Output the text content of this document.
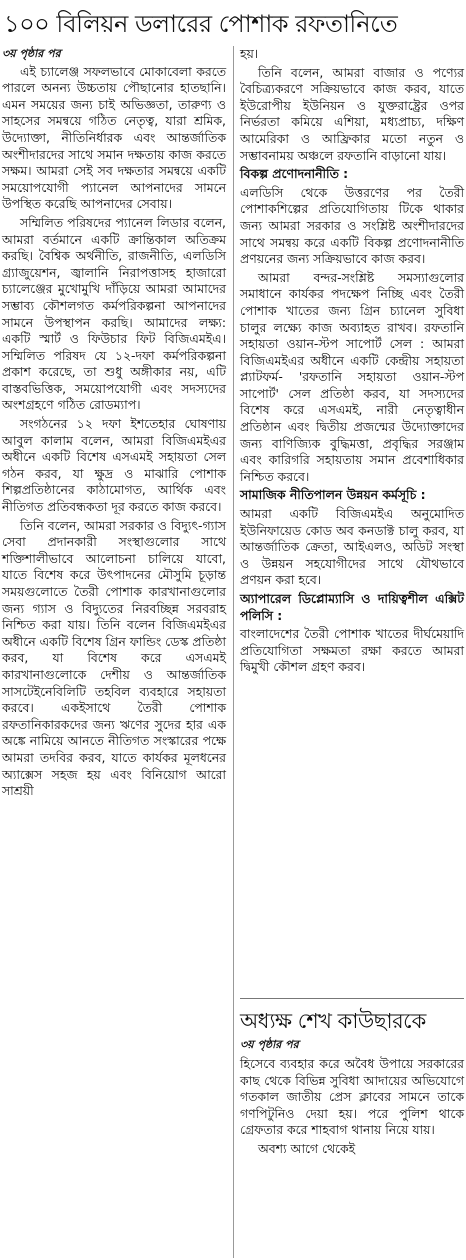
১০০ বিলিয়ন ডলারের পোশাক রফতানিতে
৩য় পৃষ্ঠার পর

এই চ্যালেঞ্জ সফলভাবে মোকাবেলা করতে পারলে অনন্য উচ্চতায় পৌছানোর হাতছানি। এমন সময়ের জন্য চাই অভিজ্ঞতা, তারুণ্য ও সাহসের সমন্বয়ে গঠিত নেতৃত্ব, যারা শ্রমিক, উদ্যোক্তা, নীতিনির্ধারক এবং আন্তর্জাতিক অংশীদারদের সাথে সমান দক্ষতায় কাজ করতে সক্ষম। আমরা সেই সব দক্ষতার সমন্বয়ে একটি সময়োপযোগী প্যানেল আপনাদের সামনে উপস্থিত করেছি আপনাদের সেবায়।

সম্মিলিত পরিষদের প্যানেল লিডার বলেন, আমরা বর্তমানে একটি ক্রান্তিকাল অতিক্রম করছি। বৈশ্বিক অর্থনীতি, রাজনীতি, এলডিসি গ্র্যাজুয়েশন, জ্বালানি নিরাপত্তাসহ হাজারো চ্যালেঞ্জের মুখোমুখি দাঁড়িয়ে আমরা আমাদের সম্ভাব্য কৌশলগত কর্মপরিকল্পনা আপনাদের সামনে উপস্থাপন করছি। আমাদের লক্ষ্য: একটি স্মার্ট ও ফিউচার ফিট বিজিএমইএ। সম্মিলিত পরিষদ যে ১২-দফা কর্মপরিকল্পনা প্রকাশ করেছে, তা শুধু অঙ্গীকার নয়, এটি বাস্তবভিত্তিক, সময়োপযোগী এবং সদস্যদের অংশগ্রহণে গঠিত রোডম্যাপ।

সংগঠনের ১২ দফা ইশতেহার ঘোষণায় আবুল কালাম বলেন, আমরা বিজিএমইএর অধীনে একটি বিশেষ এসএমই সহায়তা সেল গঠন করব, যা ক্ষুদ্র ও মাঝারি পোশাক শিল্পপ্রতিষ্ঠানের কাঠামোগত, আর্থিক এবং নীতিগত প্রতিবন্ধকতা দূর করতে কাজ করবে।

তিনি বলেন, আমরা সরকার ও বিদ্যুৎ-গ্যাস সেবা প্রদানকারী সংস্থাগুলোর সাথে শক্তিশালীভাবে আলোচনা চালিয়ে যাবো, যাতে বিশেষ করে উৎপাদনের মৌসুমি চূড়ান্ত সময়গুলোতে তৈরী পোশাক কারখানাগুলোর জন্য গ্যাস ও বিদ্যুতের নিরবচ্ছিন্ন সরবরাহ নিশ্চিত করা যায়। তিনি বলেন বিজিএমইএর অধীনে একটি বিশেষ গ্রিন ফান্ডিং ডেস্ক প্রতিষ্ঠা করব, যা বিশেষ করে এসএমই কারখানাগুলোকে দেশীয় ও আন্তর্জাতিক সাসটেইনেবিলিটি তহবিল ব্যবহারে সহায়তা করবে। একইসাথে তৈরী পোশাক রফতানিকারকদের জন্য ঋণের সুদের হার এক অঙ্কে নামিয়ে আনতে নীতিগত সংস্কারের পক্ষে আমরা তদবির করব, যাতে কার্যকর মূলধনের অ্যাক্সেস সহজ হয় এবং বিনিয়োগ আরো সাশ্রয়ী

হয়।

তিনি বলেন, আমরা বাজার ও পণ্যের বৈচিত্র্যকরণে সক্রিয়ভাবে কাজ করব, যাতে ইউরোপীয় ইউনিয়ন ও যুক্তরাষ্ট্রের ওপর নির্ভরতা কমিয়ে এশিয়া, মধ্যপ্রাচ্য, দক্ষিণ আমেরিকা ও আফ্রিকার মতো নতুন ও সম্ভাবনাময় অঞ্চলে রফতানি বাড়ানো যায়।

বিকল্প প্রণোদনানীতি :

এলডিসি থেকে উত্তরণের পর তৈরী পোশাকশিল্পের প্রতিযোগিতায় টিকে থাকার জন্য আমরা সরকার ও সংশ্লিষ্ট অংশীদারদের সাথে সমন্বয় করে একটি বিকল্প প্রণোদনানীতি প্রণয়নের জন্য সক্রিয়ভাবে কাজ করব।

আমরা বন্দর-সংশ্লিষ্ট সমস্যাগুলোর সমাধানে কার্যকর পদক্ষেপ নিচ্ছি এবং তৈরী পোশাক খাতের জন্য গ্রিন চ্যানেল সুবিধা চালুর লক্ষ্যে কাজ অব্যাহত রাখব। রফতানি সহায়তা ওয়ান-স্টপ সাপোর্ট সেল : আমরা বিজিএমইএর অধীনে একটি কেন্দ্রীয় সহায়তা প্ল্যাটফর্ম- 'রফতানি সহায়তা ওয়ান-স্টপ সাপোর্ট' সেল প্রতিষ্ঠা করব, যা সদস্যদের বিশেষ করে এসএমই, নারী নেতৃত্বাধীন প্রতিষ্ঠান এবং দ্বিতীয় প্রজন্মের উদ্যোক্তাদের জন্য বাণিজ্যিক বুদ্ধিমত্তা, প্রবৃদ্ধির সরঞ্জাম এবং কারিগরি সহায়তায় সমান প্রবেশাধিকার নিশ্চিত করবে।

সামাজিক নীতিপালন উন্নয়ন কর্মসূচি :

আমরা একটি বিজিএমইএ অনুমোদিত ইউনিফায়েড কোড অব কনডাক্ট চালু করব, যা আন্তর্জাতিক ক্রেতা, আইএলও, অডিট সংস্থা ও উন্নয়ন সহযোগীদের সাথে যৌথভাবে প্রণয়ন করা হবে।

অ্যাপারেল ডিপ্লোম্যাসি ও দায়িত্বশীল এক্সিট পলিসি :

বাংলাদেশের তৈরী পোশাক খাতের দীর্ঘমেয়াদি প্রতিযোগিতা সক্ষমতা রক্ষা করতে আমরা দ্বিমুখী কৌশল গ্রহণ করব।

অধ্যক্ষ শেখ কাউছারকে
৩য় পৃষ্ঠার পর

হিসেবে ব্যবহার করে অবৈধ উপায়ে সরকারের কাছ থেকে বিভিন্ন সুবিধা আদায়ের অভিযোগে গতকাল জাতীয় প্রেস ক্লাবের সামনে তাকে গণপিটুনিও দেয়া হয়। পরে পুলিশ থাকে গ্রেফতার করে শাহবাগ থানায় নিয়ে যায়।

অবশ্য আগে থেকেই
